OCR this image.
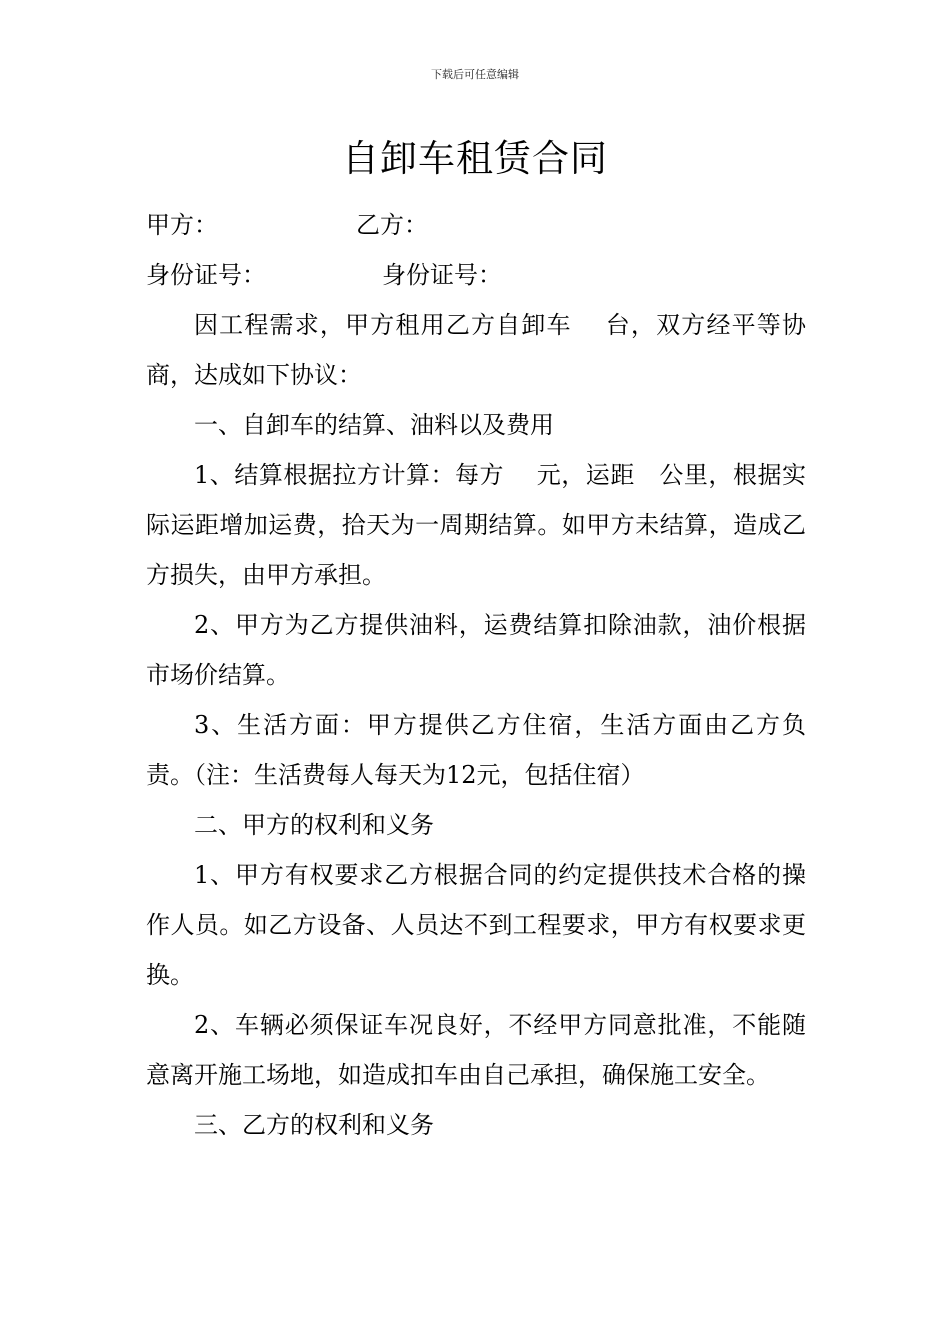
下载后可任意编辑
自卸车租赁合同
甲方：	乙方：
身份证号：	身份证号：

因工程需求，甲方租用乙方自卸车　 台，双方经平等协商，达成如下协议：

一、自卸车的结算、油料以及费用

1、结算根据拉方计算：每方　 元，运距　公里，根据实际运距增加运费，拾天为一周期结算。如甲方未结算，造成乙方损失，由甲方承担。

2、甲方为乙方提供油料，运费结算扣除油款，油价根据市场价结算。

3、生活方面：甲方提供乙方住宿，生活方面由乙方负责。（注：生活费每人每天为12元，包括住宿）

二、甲方的权利和义务

1、甲方有权要求乙方根据合同的约定提供技术合格的操作人员。如乙方设备、人员达不到工程要求，甲方有权要求更换。

2、车辆必须保证车况良好，不经甲方同意批准，不能随意离开施工场地，如造成扣车由自己承担，确保施工安全。

三、乙方的权利和义务
